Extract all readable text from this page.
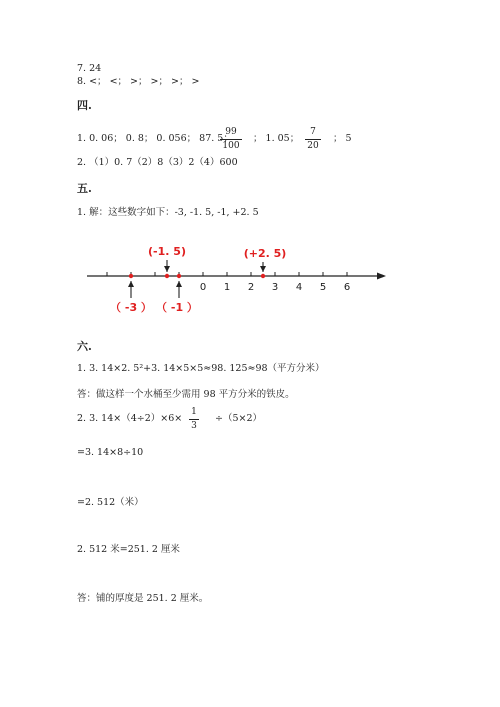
7. 24
8. <； <； >； >； >； >
四.
1. 0. 06； 0. 8； 0. 056； 87. 5；
99
100
； 1. 05；
7
20
； 5
2. （1）0. 7（2）8（3）2（4）600
五.
1. 解：这些数字如下：-3, -1. 5, -1, +2. 5
0 1 2 3 4 5 6
(-1. 5)	(+2. 5)
（ -3 ） （ -1 ）
六.
1. 3. 14×2. 5²+3. 14×5×5≈98. 125≈98（平方分米）
答：做这样一个水桶至少需用 98 平方分米的铁皮。
2. 3. 14×（4÷2）×6×
1
3
÷（5×2）
=3. 14×8÷10
=2. 512（米）
2. 512 米=251. 2 厘米
答：铺的厚度是 251. 2 厘米。
